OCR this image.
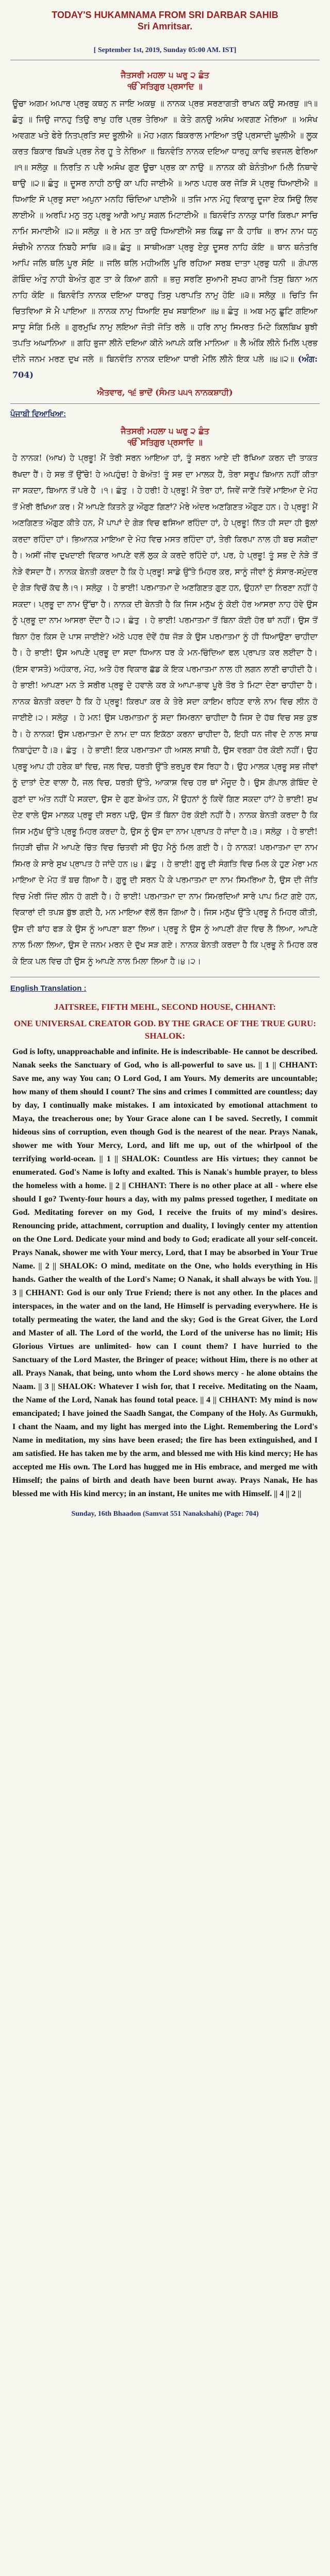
TODAY'S HUKAMNAMA FROM SRI DARBAR SAHIB
Sri Amritsar.

[ September 1st, 2019, Sunday 05:00 AM. IST]
ਜੈਤਸਰੀ ਮਹਲਾ ੫ ਘਰੁ ੨ ਛੰਤ
ੴ ਸਤਿਗੁਰ ਪ੍ਰਸਾਦਿ ॥
ਊਚਾ ਅਗਮ ਅਪਾਰ ਪ੍ਰਭੁ ਕਥਨੁ ਨ ਜਾਇ ਅਕਥੁ ॥ ਨਾਨਕ ਪ੍ਰਭ ਸਰਣਾਗਤੀ ਰਾਖਨ ਕਉ ਸਮਰਥੁ ॥੧॥ ਛੰਤੁ ॥ ਜਿਉ ਜਾਨਹੁ ਤਿਉ ਰਾਖੁ ਹਰਿ ਪ੍ਰਭ ਤੇਰਿਆ ॥ ਕੇਤੇ ਗਨਉ ਅਸੰਖ ਅਵਗਣ ਮੇਰਿਆ ॥ ਅਸੰਖ ਅਵਗਣ ਖਤੇ ਫੇਰੇ ਨਿਤਪ੍ਰਤਿ ਸਦ ਭੂਲੀਐ ॥ ਮੋਹ ਮਗਨ ਬਿਕਰਾਲ ਮਾਇਆ ਤਉ ਪ੍ਰਸਾਦੀ ਘੂਲੀਐ ॥ ਲੂਕ ਕਰਤ ਬਿਕਾਰ ਬਿਖੜੇ ਪ੍ਰਭ ਨੇਰ ਹੂ ਤੇ ਨੇਰਿਆ ॥ ਬਿਨਵੰਤਿ ਨਾਨਕ ਦਇਆ ਧਾਰਹੁ ਕਾਢਿ ਭਵਜਲ ਫੇਰਿਆ ॥੧॥ ਸਲੋਕੁ ॥ ਨਿਰਤਿ ਨ ਪਵੈ ਅਸੰਖ ਗੁਣ ਊਚਾ ਪ੍ਰਭ ਕਾ ਨਾਉ ॥ ਨਾਨਕ ਕੀ ਬੇਨੰਤੀਆ ਮਿਲੈ ਨਿਥਾਵੇ ਥਾਉ ॥੨॥ ਛੰਤੁ ॥ ਦੂਸਰ ਨਾਹੀ ਠਾਉ ਕਾ ਪਹਿ ਜਾਈਐ ॥ ਆਠ ਪਹਰ ਕਰ ਜੋੜਿ ਸੋ ਪ੍ਰਭੁ ਧਿਆਈਐ ॥ ਧਿਆਇ ਸੋ ਪ੍ਰਭੁ ਸਦਾ ਅਪੁਨਾ ਮਨਹਿ ਚਿੰਦਿਆ ਪਾਈਐ ॥ ਤਜਿ ਮਾਨ ਮੋਹੁ ਵਿਕਾਰੁ ਦੂਜਾ ਏਕ ਸਿਉ ਲਿਵ ਲਾਈਐ ॥ ਅਰਪਿ ਮਨੁ ਤਨੁ ਪ੍ਰਭੂ ਆਗੈ ਆਪੁ ਸਗਲ ਮਿਟਾਈਐ ॥ ਬਿਨਵੰਤਿ ਨਾਨਕੁ ਧਾਰਿ ਕਿਰਪਾ ਸਾਚਿ ਨਾਮਿ ਸਮਾਈਐ ॥੨॥ ਸਲੋਕੁ ॥ ਰੇ ਮਨ ਤਾ ਕਉ ਧਿਆਈਐ ਸਭ ਕਿਛੁ ਜਾ ਕੈ ਹਾਥਿ ॥ ਰਾਮ ਨਾਮ ਧਨੁ ਸੰਚੀਐ ਨਾਨਕ ਨਿਬਹੈ ਸਾਥਿ ॥੩॥ ਛੰਤੁ ॥ ਸਾਥੀਅੜਾ ਪ੍ਰਭੁ ਏਕੁ ਦੂਸਰ ਨਾਹਿ ਕੋਇ ॥ ਥਾਨ ਥਨੰਤਰਿ ਆਪਿ ਜਲਿ ਥਲਿ ਪੂਰ ਸੋਇ ॥ ਜਲਿ ਥਲਿ ਮਹੀਅਲਿ ਪੂਰਿ ਰਹਿਆ ਸਰਬ ਦਾਤਾ ਪ੍ਰਭੁ ਧਨੀ ॥ ਗੋਪਾਲ ਗੋਬਿੰਦ ਅੰਤੁ ਨਾਹੀ ਬੇਅੰਤ ਗੁਣ ਤਾ ਕੇ ਕਿਆ ਗਨੀ ॥ ਭਜੁ ਸਰਣਿ ਸੁਆਮੀ ਸੁਖਹ ਗਾਮੀ ਤਿਸੁ ਬਿਨਾ ਅਨ ਨਾਹਿ ਕੋਇ ॥ ਬਿਨਵੰਤਿ ਨਾਨਕ ਦਇਆ ਧਾਰਹੁ ਤਿਸੁ ਪਰਾਪਤਿ ਨਾਮੁ ਹੋਇ ॥੩॥ ਸਲੋਕੁ ॥ ਚਿਤਿ ਜਿ ਚਿਤਵਿਆ ਸੋ ਮੈ ਪਾਇਆ ॥ ਨਾਨਕ ਨਾਮੁ ਧਿਆਇ ਸੁਖ ਸਬਾਇਆ ॥੪॥ ਛੰਤੁ ॥ ਅਬ ਮਨੁ ਛੂਟਿ ਗਇਆ ਸਾਧੂ ਸੰਗਿ ਮਿਲੇ ॥ ਗੁਰਮੁਖਿ ਨਾਮੁ ਲਇਆ ਜੋਤੀ ਜੋਤਿ ਰਲੇ ॥ ਹਰਿ ਨਾਮੁ ਸਿਮਰਤ ਮਿਟੇ ਕਿਲਬਿਖ ਬੁਝੀ ਤਪਤਿ ਅਘਾਨਿਆ ॥ ਗਹਿ ਭੁਜਾ ਲੀਨੇ ਦਇਆ ਕੀਨੇ ਆਪਨੇ ਕਰਿ ਮਾਨਿਆ ॥ ਲੈ ਅੰਕਿ ਲੀਨੇ ਮਿਲਿ ਪ੍ਰਭ ਦੀਨੇ ਜਨਮ ਮਰਣ ਦੁਖ ਜਲੇ ॥ ਬਿਨਵੰਤਿ ਨਾਨਕ ਦਇਆ ਧਾਰੀ ਮੇਲਿ ਲੀਨੇ ਇਕ ਪਲੇ ॥੪॥੨॥ (ਅੰਗ: 704)
ਐਤਵਾਰ, ੧੬ ਭਾਦੋਂ (ਸੰਮਤ ੫੫੧ ਨਾਨਕਸ਼ਾਹੀ)
ਪੰਜਾਬੀ ਵਿਆਖਿਆ:
ਜੈਤਸਰੀ ਮਹਲਾ ੫ ਘਰੁ ੨ ਛੰਤ
ੴ ਸਤਿਗੁਰ ਪ੍ਰਸਾਦਿ ॥
ਹੇ ਨਾਨਕ! (ਆਖ) ਹੇ ਪ੍ਰਭੂ! ਮੈਂ ਤੇਰੀ ਸਰਨ ਆਇਆ ਹਾਂ, ਤੂੰ ਸਰਨ ਆਏ ਦੀ ਰੱਖਿਆ ਕਰਨ ਦੀ ਤਾਕਤ ਰੱਖਦਾ ਹੈਂ। ਹੇ ਸਭ ਤੋਂ ਉੱਚੇ! ਹੇ ਅਪਹੁੰਚ! ਹੇ ਬੇਅੰਤ! ਤੂੰ ਸਭ ਦਾ ਮਾਲਕ ਹੈਂ, ਤੇਰਾ ਸਰੂਪ ਬਿਆਨ ਨਹੀਂ ਕੀਤਾ ਜਾ ਸਕਦਾ, ਬਿਆਨ ਤੋਂ ਪਰੇ ਹੈ ।੧। ਛੰਤੁ । ਹੇ ਹਰੀ! ਹੇ ਪ੍ਰਭੂ! ਮੈਂ ਤੇਰਾ ਹਾਂ, ਜਿਵੇਂ ਜਾਣੇਂ ਤਿਵੇਂ ਮਾਇਆ ਦੇ ਮੋਹ ਤੋਂ ਮੇਰੀ ਰੱਖਿਆ ਕਰ। ਮੈਂ ਆਪਣੇ ਕਿਤਨੇ ਕੁ ਔਗੁਣ ਗਿਣਾਂ? ਮੇਰੇ ਅੰਦਰ ਅਣਗਿਣਤ ਔਗੁਣ ਹਨ। ਹੇ ਪ੍ਰਭੂ! ਮੈਂ ਅਣਗਿਣਤ ਔਗੁਣ ਕੀਤੇ ਹਨ, ਮੈਂ ਪਾਪਾਂ ਦੇ ਗੇੜ ਵਿਚ ਫਸਿਆ ਰਹਿੰਦਾ ਹਾਂ, ਹੇ ਪ੍ਰਭੂ! ਨਿੱਤ ਹੀ ਸਦਾ ਹੀ ਭੁੱਲਾਂ ਕਰਦਾ ਰਹਿੰਦਾ ਹਾਂ। ਭਿਆਨਕ ਮਾਇਆ ਦੇ ਮੋਹ ਵਿਚ ਮਸਤ ਰਹਿੰਦਾ ਹਾਂ, ਤੇਰੀ ਕਿਰਪਾ ਨਾਲ ਹੀ ਬਚ ਸਕੀਦਾ ਹੈ। ਅਸੀਂ ਜੀਵ ਦੁਖਦਾਈ ਵਿਕਾਰ ਆਪਣੇ ਵਲੋਂ ਲੁਕ ਕੇ ਕਰਦੇ ਰਹਿੰਦੇ ਹਾਂ, ਪਰ, ਹੇ ਪ੍ਰਭੂ! ਤੂੰ ਸਭ ਦੇ ਨੇੜੇ ਤੋਂ ਨੇੜੇ ਵੱਸਦਾ ਹੈਂ। ਨਾਨਕ ਬੇਨਤੀ ਕਰਦਾ ਹੈ ਕਿ ਹੇ ਪ੍ਰਭੂ! ਸਾਡੇ ਉੱਤੇ ਮਿਹਰ ਕਰ, ਸਾਨੂੰ ਜੀਵਾਂ ਨੂੰ ਸੰਸਾਰ-ਸਮੁੰਦਰ ਦੇ ਗੇੜ ਵਿਚੋਂ ਕੱਢ ਲੈ।੧। ਸਲੋਕੁ । ਹੇ ਭਾਈ! ਪਰਮਾਤਮਾ ਦੇ ਅਣਗਿਣਤ ਗੁਣ ਹਨ, ਉਹਨਾਂ ਦਾ ਨਿਰਣਾ ਨਹੀਂ ਹੋ ਸਕਦਾ। ਪ੍ਰਭੂ ਦਾ ਨਾਮ ਉੱਚਾ ਹੈ। ਨਾਨਕ ਦੀ ਬੇਨਤੀ ਹੈ ਕਿ ਜਿਸ ਮਨੁੱਖ ਨੂੰ ਕੋਈ ਹੋਰ ਆਸਰਾ ਨਾਹ ਹੋਵੇ ਉਸ ਨੂੰ ਪ੍ਰਭੂ ਦਾ ਨਾਮ ਆਸਰਾ ਦੇਂਦਾ ਹੈ।੨। ਛੰਤੁ । ਹੇ ਭਾਈ! ਪਰਮਾਤਮਾ ਤੋਂ ਬਿਨਾ ਕੋਈ ਹੋਰ ਥਾਂ ਨਹੀਂ। ਉਸ ਤੋਂ ਬਿਨਾ ਹੋਰ ਕਿਸ ਦੇ ਪਾਸ ਜਾਈਏ? ਅੱਠੇ ਪਹਰ ਦੋਵੇਂ ਹੱਥ ਜੋੜ ਕੇ ਉਸ ਪਰਮਾਤਮਾ ਨੂੰ ਹੀ ਧਿਆਉਣਾ ਚਾਹੀਦਾ ਹੈ। ਹੇ ਭਾਈ! ਉਸ ਆਪਣੇ ਪ੍ਰਭੂ ਦਾ ਸਦਾ ਧਿਆਨ ਧਰ ਕੇ ਮਨ-ਚਿੰਦਿਆ ਫਲ ਪ੍ਰਾਪਤ ਕਰ ਲਈਦਾ ਹੈ। (ਇਸ ਵਾਸਤੇ) ਅਹੰਕਾਰ, ਮੋਹ, ਅਤੇ ਹੋਰ ਵਿਕਾਰ ਛੱਡ ਕੇ ਇਕ ਪਰਮਾਤਮਾ ਨਾਲ ਹੀ ਲਗਨ ਲਾਣੀ ਚਾਹੀਦੀ ਹੈ। ਹੇ ਭਾਈ! ਆਪਣਾ ਮਨ ਤੇ ਸਰੀਰ ਪ੍ਰਭੂ ਦੇ ਹਵਾਲੇ ਕਰ ਕੇ ਆਪਾ-ਭਾਵ ਪੂਰੇ ਤੌਰ ਤੇ ਮਿਟਾ ਦੇਣਾ ਚਾਹੀਦਾ ਹੈ। ਨਾਨਕ ਬੇਨਤੀ ਕਰਦਾ ਹੈ ਕਿ ਹੇ ਪ੍ਰਭੂ! ਕਿਰਪਾ ਕਰ ਕੇ ਤੇਰੇ ਸਦਾ ਕਾਇਮ ਰਹਿਣ ਵਾਲੇ ਨਾਮ ਵਿਚ ਲੀਨ ਹੋ ਜਾਈਏ।੨। ਸਲੋਕੁ । ਹੇ ਮਨ! ਉਸ ਪਰਮਾਤਮਾ ਨੂੰ ਸਦਾ ਸਿਮਰਨਾ ਚਾਹੀਦਾ ਹੈ ਜਿਸ ਦੇ ਹੱਥ ਵਿਚ ਸਭ ਕੁਝ ਹੈ। ਹੇ ਨਾਨਕ! ਉਸ ਪਰਮਾਤਮਾ ਦੇ ਨਾਮ ਦਾ ਧਨ ਇਕੱਠਾ ਕਰਨਾ ਚਾਹੀਦਾ ਹੈ, ਇਹੀ ਧਨ ਜੀਵ ਦੇ ਨਾਲ ਸਾਥ ਨਿਬਾਹੁੰਦਾ ਹੈ।੩। ਛੰਤੁ । ਹੇ ਭਾਈ! ਇਕ ਪਰਮਾਤਮਾ ਹੀ ਅਸਲ ਸਾਥੀ ਹੈ, ਉਸ ਵਰਗਾ ਹੋਰ ਕੋਈ ਨਹੀਂ। ਉਹ ਪ੍ਰਭੂ ਆਪ ਹੀ ਹਰੇਕ ਥਾਂ ਵਿਚ, ਜਲ ਵਿਚ, ਧਰਤੀ ਉੱਤੇ ਭਰਪੂਰ ਵੱਸ ਰਿਹਾ ਹੈ। ਉਹ ਮਾਲਕ ਪ੍ਰਭੂ ਸਭ ਜੀਵਾਂ ਨੂੰ ਦਾਤਾਂ ਦੇਣ ਵਾਲਾ ਹੈ, ਜਲ ਵਿਚ, ਧਰਤੀ ਉੱਤੇ, ਆਕਾਸ਼ ਵਿਚ ਹਰ ਥਾਂ ਮੌਜੂਦ ਹੈ। ਉਸ ਗੋਪਾਲ ਗੋਬਿੰਦ ਦੇ ਗੁਣਾਂ ਦਾ ਅੰਤ ਨਹੀਂ ਪੈ ਸਕਦਾ, ਉਸ ਦੇ ਗੁਣ ਬੇਅੰਤ ਹਨ, ਮੈਂ ਉਹਨਾਂ ਨੂੰ ਕਿਵੇਂ ਗਿਣ ਸਕਦਾ ਹਾਂ? ਹੇ ਭਾਈ! ਸੁਖ ਦੇਣ ਵਾਲੇ ਉਸ ਮਾਲਕ ਪ੍ਰਭੂ ਦੀ ਸਰਨ ਪਉ, ਉਸ ਤੋਂ ਬਿਨਾ ਹੋਰ ਕੋਈ ਨਹੀਂ ਹੈ। ਨਾਨਕ ਬੇਨਤੀ ਕਰਦਾ ਹੈ ਕਿ ਜਿਸ ਮਨੁੱਖ ਉੱਤੇ ਪ੍ਰਭੂ ਮਿਹਰ ਕਰਦਾ ਹੈ, ਉਸ ਨੂੰ ਉਸ ਦਾ ਨਾਮ ਪ੍ਰਾਪਤ ਹੋ ਜਾਂਦਾ ਹੈ।੩। ਸਲੋਕੁ । ਹੇ ਭਾਈ! ਜਿਹੜੀ ਚੀਜ਼ ਮੈਂ ਆਪਣੇ ਚਿੱਤ ਵਿਚ ਚਿਤਵੀ ਸੀ ਉਹ ਮੈਨੂੰ ਮਿਲ ਗਈ ਹੈ। ਹੇ ਨਾਨਕ! ਪਰਮਾਤਮਾ ਦਾ ਨਾਮ ਸਿਮਰ ਕੇ ਸਾਰੇ ਸੁਖ ਪ੍ਰਾਪਤ ਹੋ ਜਾਂਦੇ ਹਨ।੪। ਛੰਤੁ । ਹੇ ਭਾਈ! ਗੁਰੂ ਦੀ ਸੰਗਤਿ ਵਿਚ ਮਿਲ ਕੇ ਹੁਣ ਮੇਰਾ ਮਨ ਮਾਇਆ ਦੇ ਮੋਹ ਤੋਂ ਬਚ ਗਿਆ ਹੈ। ਗੁਰੂ ਦੀ ਸਰਨ ਪੈ ਕੇ ਪਰਮਾਤਮਾ ਦਾ ਨਾਮ ਸਿਮਰਿਆ ਹੈ, ਉਸ ਦੀ ਜੋਤਿ ਵਿਚ ਮੇਰੀ ਜਿੰਦ ਲੀਨ ਹੋ ਗਈ ਹੈ। ਹੇ ਭਾਈ! ਪਰਮਾਤਮਾ ਦਾ ਨਾਮ ਸਿਮਰਦਿਆਂ ਸਾਰੇ ਪਾਪ ਮਿਟ ਗਏ ਹਨ, ਵਿਕਾਰਾਂ ਦੀ ਤਪਸ਼ ਬੁੱਝ ਗਈ ਹੈ, ਮਨ ਮਾਇਆ ਵੱਲੋਂ ਰੱਜ ਗਿਆ ਹੈ। ਜਿਸ ਮਨੁੱਖ ਉੱਤੇ ਪ੍ਰਭੂ ਨੇ ਮਿਹਰ ਕੀਤੀ, ਉਸ ਦੀ ਬਾਂਹ ਫੜ ਕੇ ਉਸ ਨੂੰ ਆਪਣਾ ਬਣਾ ਲਿਆ। ਪ੍ਰਭੂ ਨੇ ਉਸ ਨੂੰ ਆਪਣੀ ਗੋਦ ਵਿਚ ਲੈ ਲਿਆ, ਆਪਣੇ ਨਾਲ ਮਿਲਾ ਲਿਆ, ਉਸ ਦੇ ਜਨਮ ਮਰਨ ਦੇ ਦੁੱਖ ਸੜ ਗਏ। ਨਾਨਕ ਬੇਨਤੀ ਕਰਦਾ ਹੈ ਕਿ ਪ੍ਰਭੂ ਨੇ ਮਿਹਰ ਕਰ ਕੇ ਇਕ ਪਲ ਵਿਚ ਹੀ ਉਸ ਨੂੰ ਆਪਣੇ ਨਾਲ ਮਿਲਾ ਲਿਆ ਹੈ।੪।੨।
English Translation :
JAITSREE, FIFTH MEHL, SECOND HOUSE, CHHANT:
ONE UNIVERSAL CREATOR GOD. BY THE GRACE OF THE TRUE GURU: SHALOK:
God is lofty, unapproachable and infinite. He is indescribable- He cannot be described. Nanak seeks the Sanctuary of God, who is all-powerful to save us. || 1 || CHHANT: Save me, any way You can; O Lord God, I am Yours. My demerits are uncountable; how many of them should I count? The sins and crimes I committed are countless; day by day, I continually make mistakes. I am intoxicated by emotional attachment to Maya, the treacherous one; by Your Grace alone can I be saved. Secretly, I commit hideous sins of corruption, even though God is the nearest of the near. Prays Nanak, shower me with Your Mercy, Lord, and lift me up, out of the whirlpool of the terrifying world-ocean. || 1 || SHALOK: Countless are His virtues; they cannot be enumerated. God's Name is lofty and exalted. This is Nanak's humble prayer, to bless the homeless with a home. || 2 || CHHANT: There is no other place at all - where else should I go? Twenty-four hours a day, with my palms pressed together, I meditate on God. Meditating forever on my God, I receive the fruits of my mind's desires. Renouncing pride, attachment, corruption and duality, I lovingly center my attention on the One Lord. Dedicate your mind and body to God; eradicate all your self-conceit. Prays Nanak, shower me with Your mercy, Lord, that I may be absorbed in Your True Name. || 2 || SHALOK: O mind, meditate on the One, who holds everything in His hands. Gather the wealth of the Lord's Name; O Nanak, it shall always be with You. || 3 || CHHANT: God is our only True Friend; there is not any other. In the places and interspaces, in the water and on the land, He Himself is pervading everywhere. He is totally permeating the water, the land and the sky; God is the Great Giver, the Lord and Master of all. The Lord of the world, the Lord of the universe has no limit; His Glorious Virtues are unlimited- how can I count them? I have hurried to the Sanctuary of the Lord Master, the Bringer of peace; without Him, there is no other at all. Prays Nanak, that being, unto whom the Lord shows mercy - he alone obtains the Naam. || 3 || SHALOK: Whatever I wish for, that I receive. Meditating on the Naam, the Name of the Lord, Nanak has found total peace. || 4 || CHHANT: My mind is now emancipated; I have joined the Saadh Sangat, the Company of the Holy. As Gurmukh, I chant the Naam, and my light has merged into the Light. Remembering the Lord's Name in meditation, my sins have been erased; the fire has been extinguished, and I am satisfied. He has taken me by the arm, and blessed me with His kind mercy; He has accepted me His own. The Lord has hugged me in His embrace, and merged me with Himself; the pains of birth and death have been burnt away. Prays Nanak, He has blessed me with His kind mercy; in an instant, He unites me with Himself. || 4 || 2 ||
Sunday, 16th Bhaadon (Samvat 551 Nanakshahi) (Page: 704)
